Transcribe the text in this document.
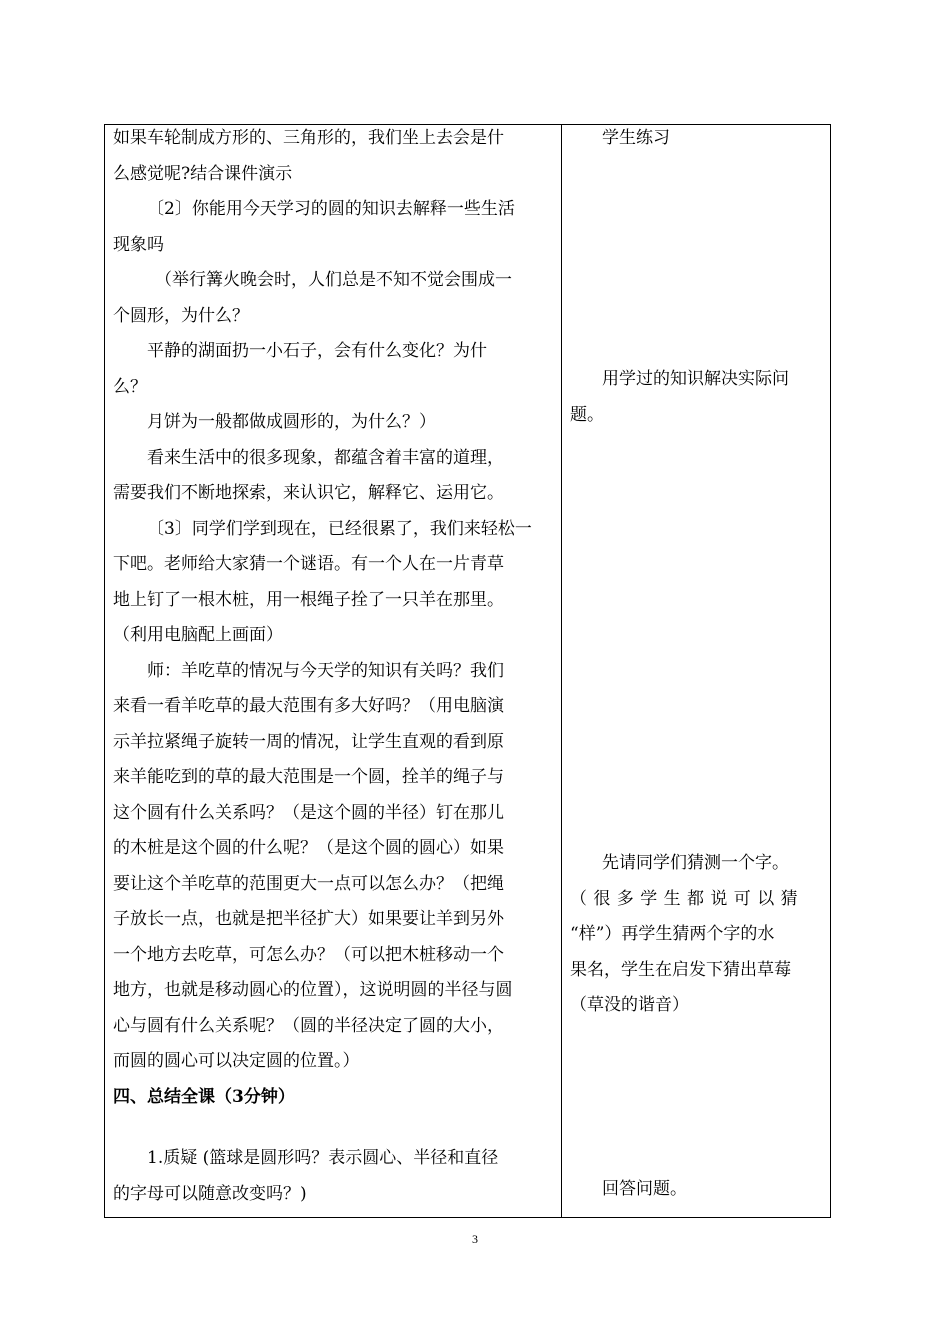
如果车轮制成方形的、三角形的，我们坐上去会是什
么感觉呢?结合课件演示
〔2〕你能用今天学习的圆的知识去解释一些生活
现象吗
（举行篝火晚会时，人们总是不知不觉会围成一
个圆形，为什么？
平静的湖面扔一小石子，会有什么变化？为什
么？
月饼为一般都做成圆形的，为什么？）
看来生活中的很多现象，都蕴含着丰富的道理，
需要我们不断地探索，来认识它，解释它、运用它。
〔3〕同学们学到现在，已经很累了，我们来轻松一
下吧。老师给大家猜一个谜语。有一个人在一片青草
地上钉了一根木桩，用一根绳子拴了一只羊在那里。
（利用电脑配上画面）
师：羊吃草的情况与今天学的知识有关吗？我们
来看一看羊吃草的最大范围有多大好吗？（用电脑演
示羊拉紧绳子旋转一周的情况，让学生直观的看到原
来羊能吃到的草的最大范围是一个圆，拴羊的绳子与
这个圆有什么关系吗？（是这个圆的半径）钉在那儿
的木桩是这个圆的什么呢？（是这个圆的圆心）如果
要让这个羊吃草的范围更大一点可以怎么办？（把绳
子放长一点，也就是把半径扩大）如果要让羊到另外
一个地方去吃草，可怎么办？（可以把木桩移动一个
地方，也就是移动圆心的位置），这说明圆的半径与圆
心与圆有什么关系呢？（圆的半径决定了圆的大小，
而圆的圆心可以决定圆的位置。）
四、总结全课（3分钟）
1.质疑 (篮球是圆形吗？表示圆心、半径和直径
的字母可以随意改变吗？)

学生练习
用学过的知识解决实际问
题。
先请同学们猜测一个字。
（很多学生都说可以猜
“样”）再学生猜两个字的水
果名，学生在启发下猜出草莓
（草没的谐音）
回答问题。
3
